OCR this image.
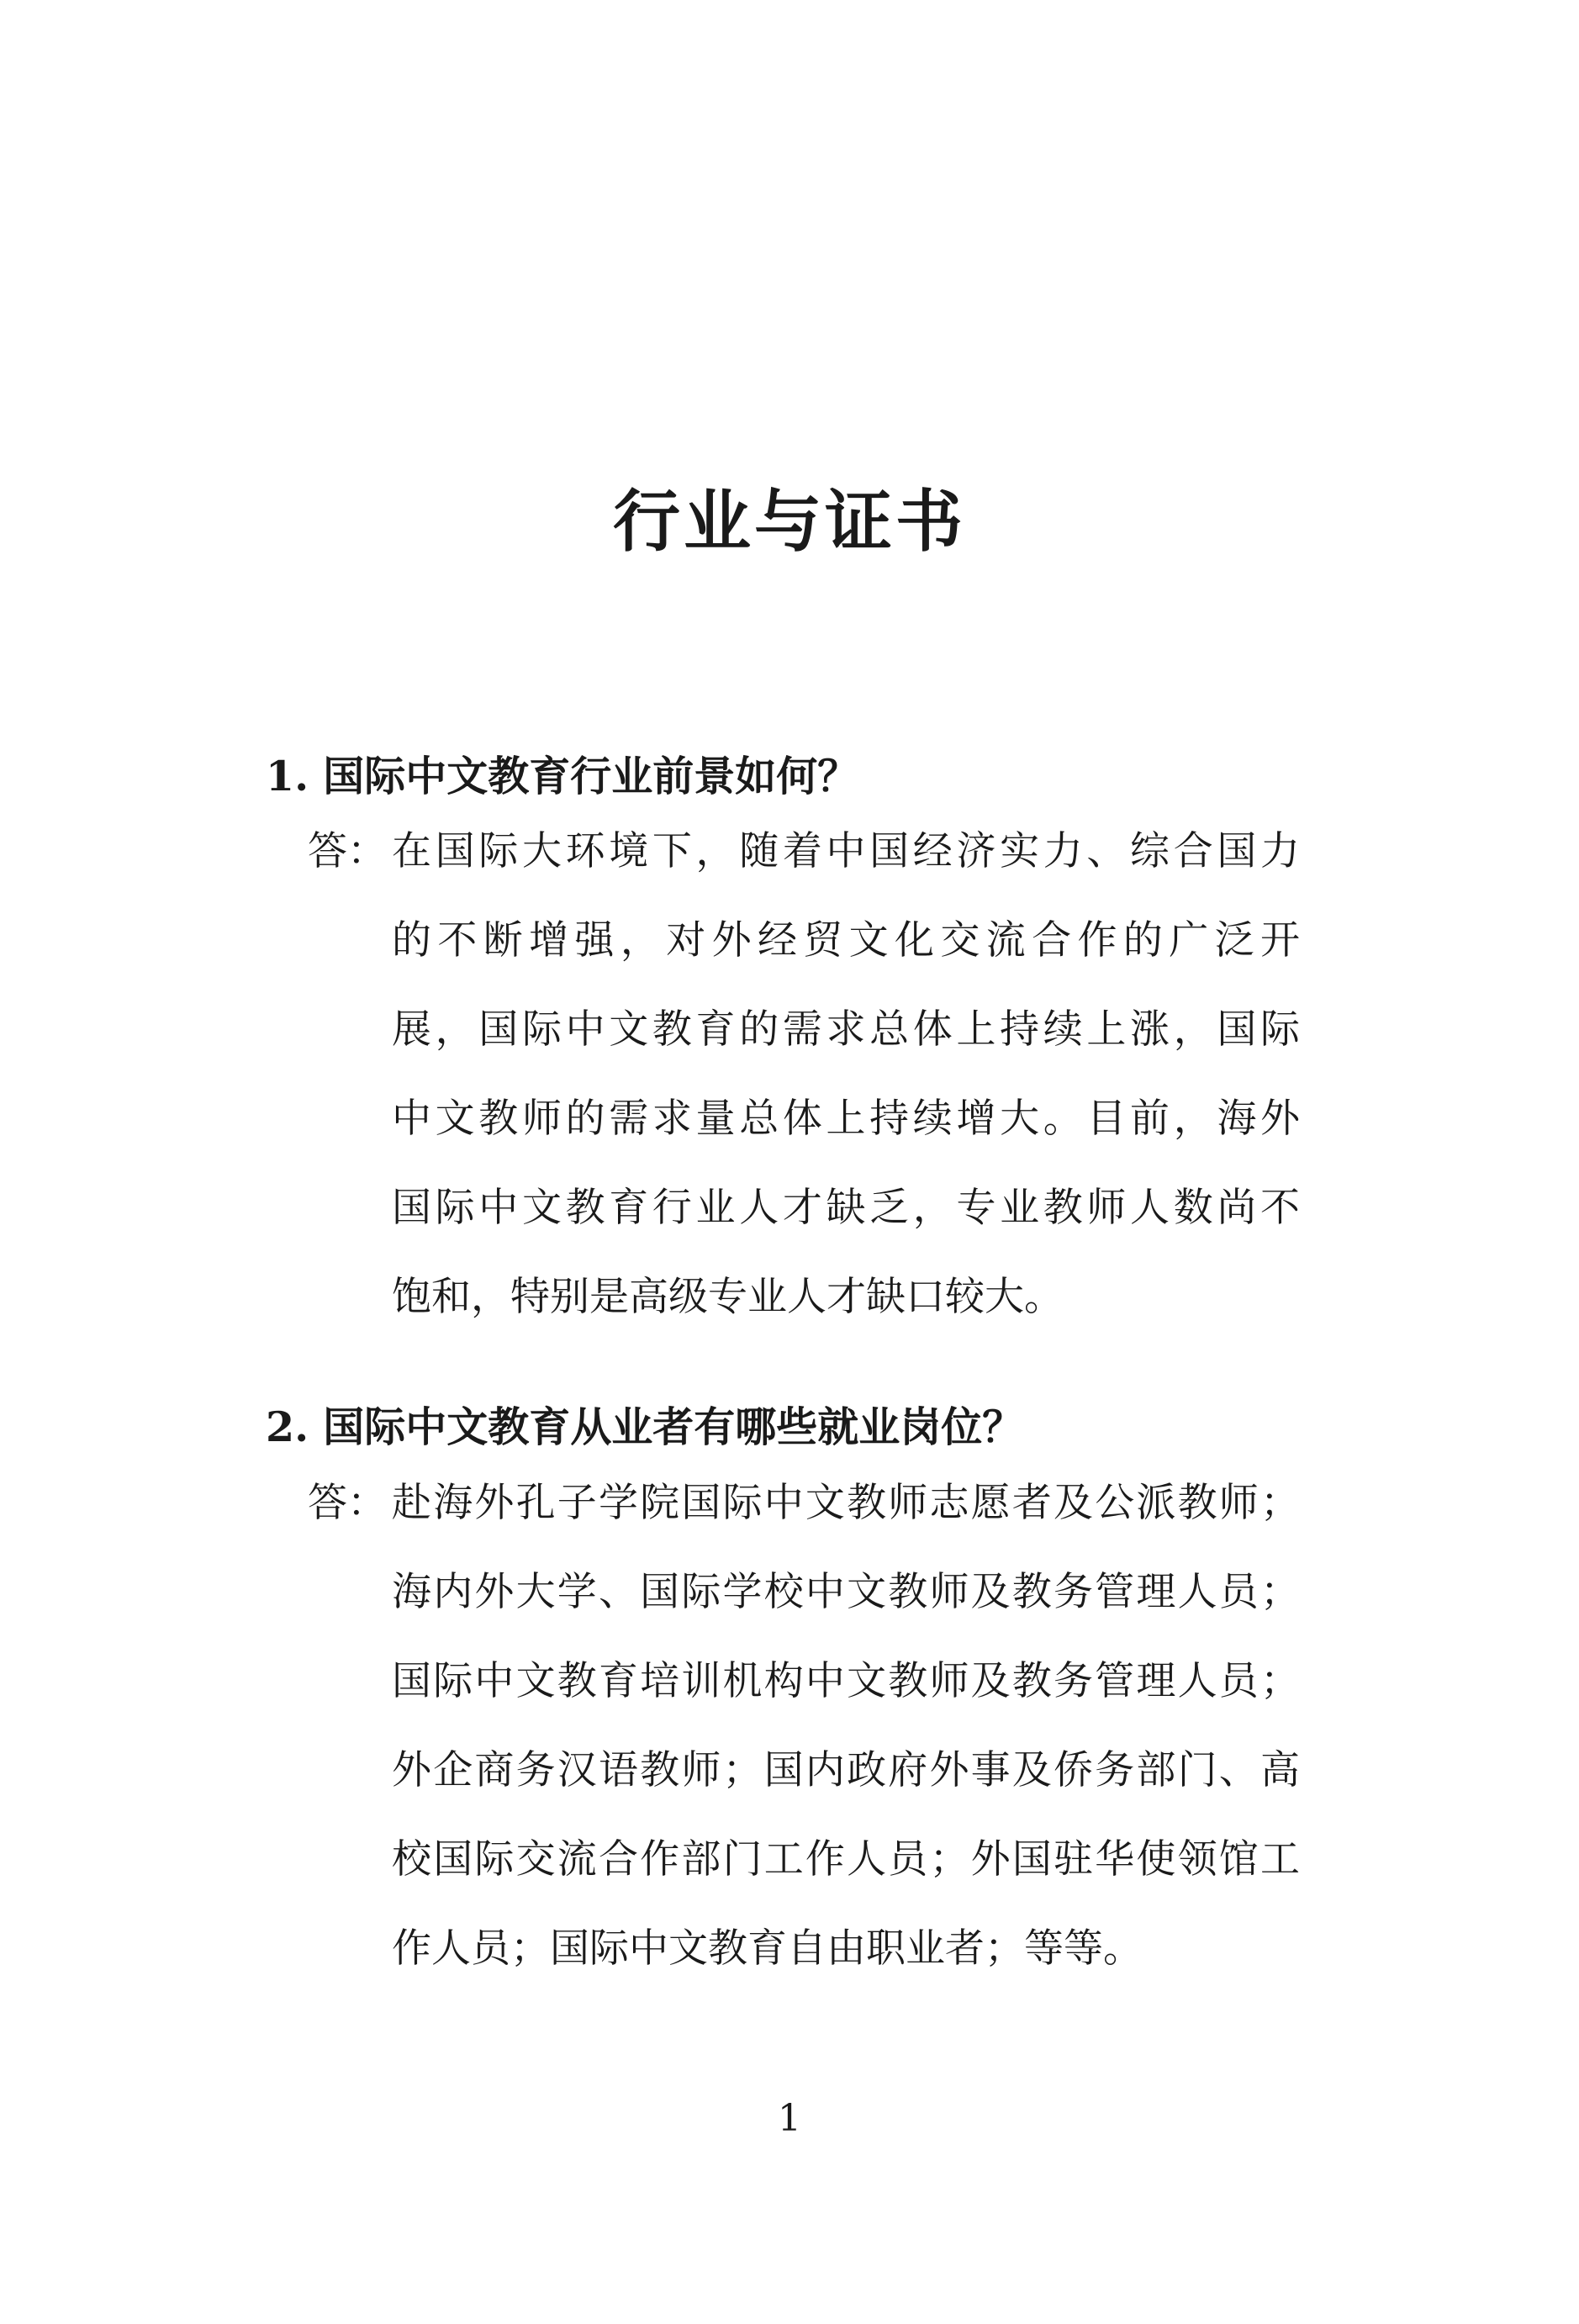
行业与证书
1. 国际中文教育行业前景如何？
答： 在国际大环境下，随着中国经济实力、综合国力
的不断增强，对外经贸文化交流合作的广泛开
展，国际中文教育的需求总体上持续上涨，国际
中文教师的需求量总体上持续增大。目前，海外
国际中文教育行业人才缺乏，专业教师人数尚不
饱和，特别是高级专业人才缺口较大。
2. 国际中文教育从业者有哪些就业岗位？
答： 赴海外孔子学院国际中文教师志愿者及公派教师；
海内外大学、国际学校中文教师及教务管理人员；
国际中文教育培训机构中文教师及教务管理人员；
外企商务汉语教师；国内政府外事及侨务部门、高
校国际交流合作部门工作人员；外国驻华使领馆工
作人员；国际中文教育自由职业者；等等。
1
